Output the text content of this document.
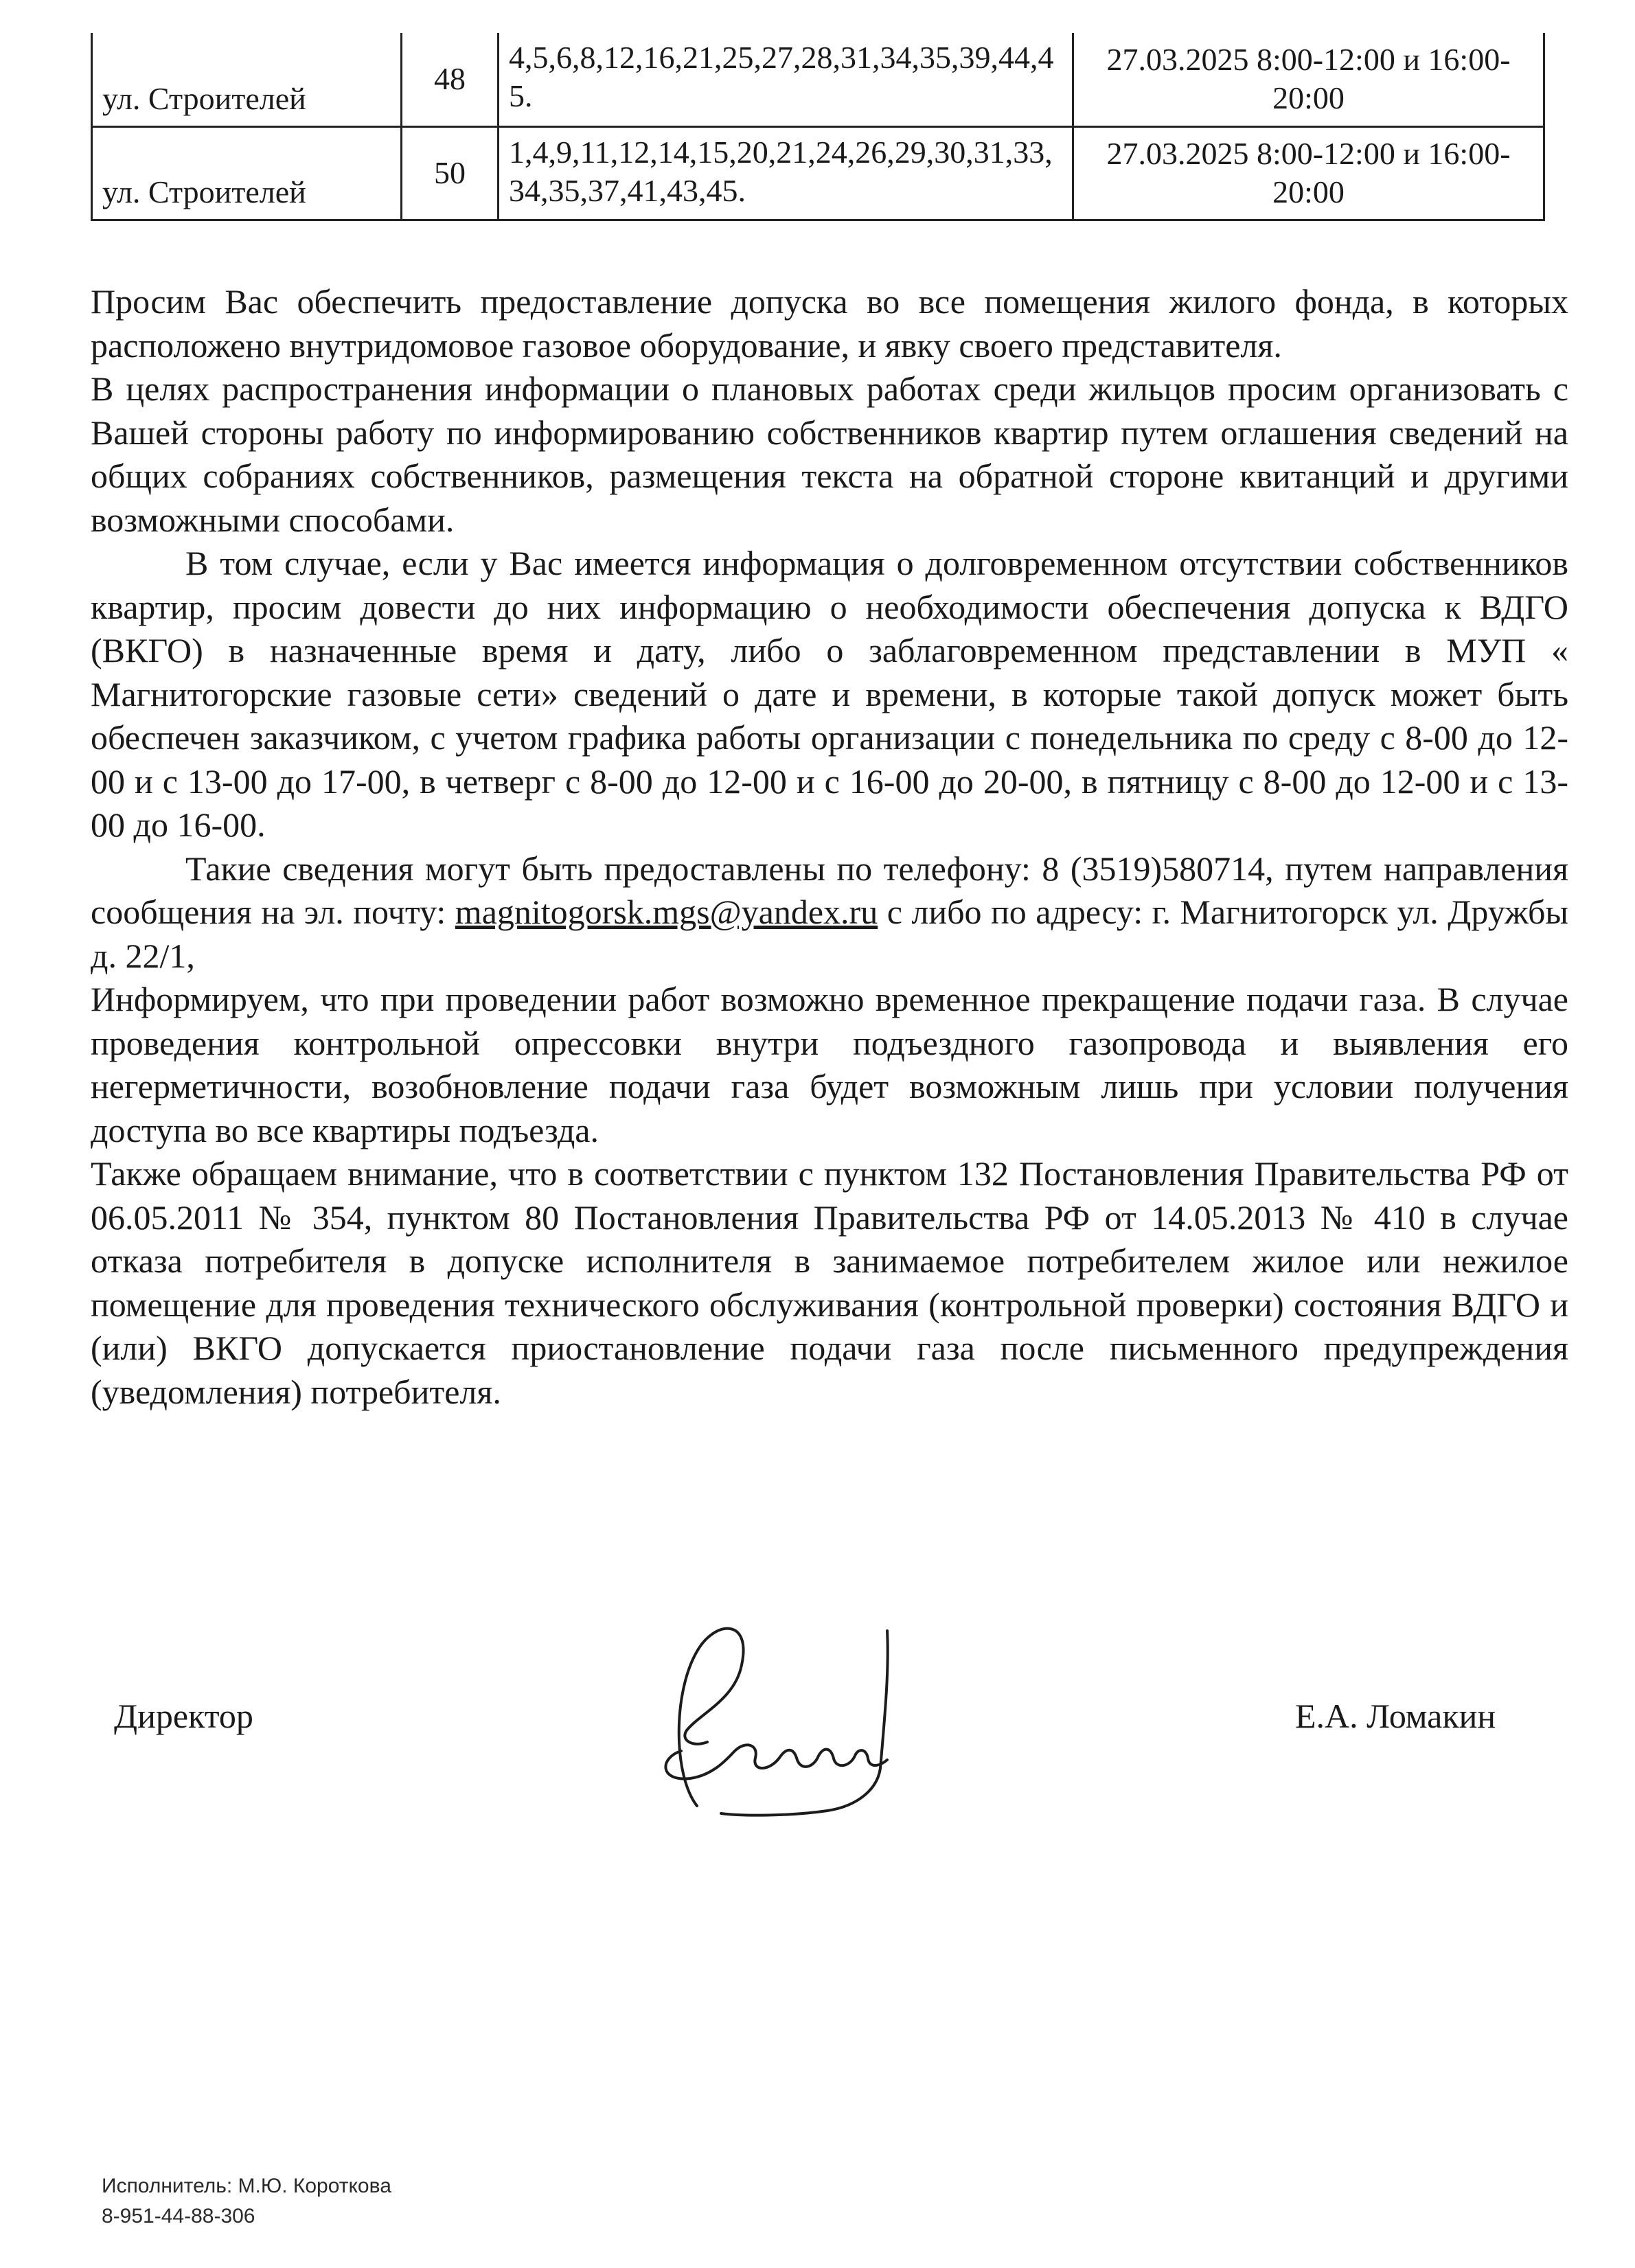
ул. Строителей	48	4,5,6,8,12,16,21,25,27,28,31,34,35,39,44,45.	27.03.2025 8:00-12:00 и 16:00-20:00
ул. Строителей	50	1,4,9,11,12,14,15,20,21,24,26,29,30,31,33,34,35,37,41,43,45.	27.03.2025 8:00-12:00 и 16:00-20:00

Просим Вас обеспечить предоставление допуска во все помещения жилого фонда, в которых расположено внутридомовое газовое оборудование, и явку своего представителя.

В целях распространения информации о плановых работах среди жильцов просим организовать с Вашей стороны работу по информированию собственников квартир путем оглашения сведений на общих собраниях собственников, размещения текста на обратной стороне квитанций и другими возможными способами.

В том случае, если у Вас имеется информация о долговременном отсутствии собственников квартир, просим довести до них информацию о необходимости обеспечения допуска к ВДГО (ВКГО) в назначенные время и дату, либо о заблаговременном представлении в МУП « Магнитогорские газовые сети» сведений о дате и времени, в которые такой допуск может быть обеспечен заказчиком, с учетом графика работы организации с понедельника по среду с 8-00 до 12-00 и с 13-00 до 17-00, в четверг с 8-00 до 12-00 и с 16-00 до 20-00, в пятницу с 8-00 до 12-00 и с 13-00 до 16-00.

Такие сведения могут быть предоставлены по телефону: 8 (3519)580714, путем направления сообщения на эл. почту: magnitogorsk.mgs@yandex.ru с либо по адресу: г. Магнитогорск ул. Дружбы д. 22/1,

Информируем, что при проведении работ возможно временное прекращение подачи газа. В случае проведения контрольной опрессовки внутри подъездного газопровода и выявления его негерметичности, возобновление подачи газа будет возможным лишь при условии получения доступа во все квартиры подъезда.

Также обращаем внимание, что в соответствии с пунктом 132 Постановления Правительства РФ от 06.05.2011 № 354, пунктом 80 Постановления Правительства РФ от 14.05.2013 № 410 в случае отказа потребителя в допуске исполнителя в занимаемое потребителем жилое или нежилое помещение для проведения технического обслуживания (контрольной проверки) состояния ВДГО и (или) ВКГО допускается приостановление подачи газа после письменного предупреждения (уведомления) потребителя.

Директор	Е.А. Ломакин
Исполнитель: М.Ю. Короткова
8-951-44-88-306
